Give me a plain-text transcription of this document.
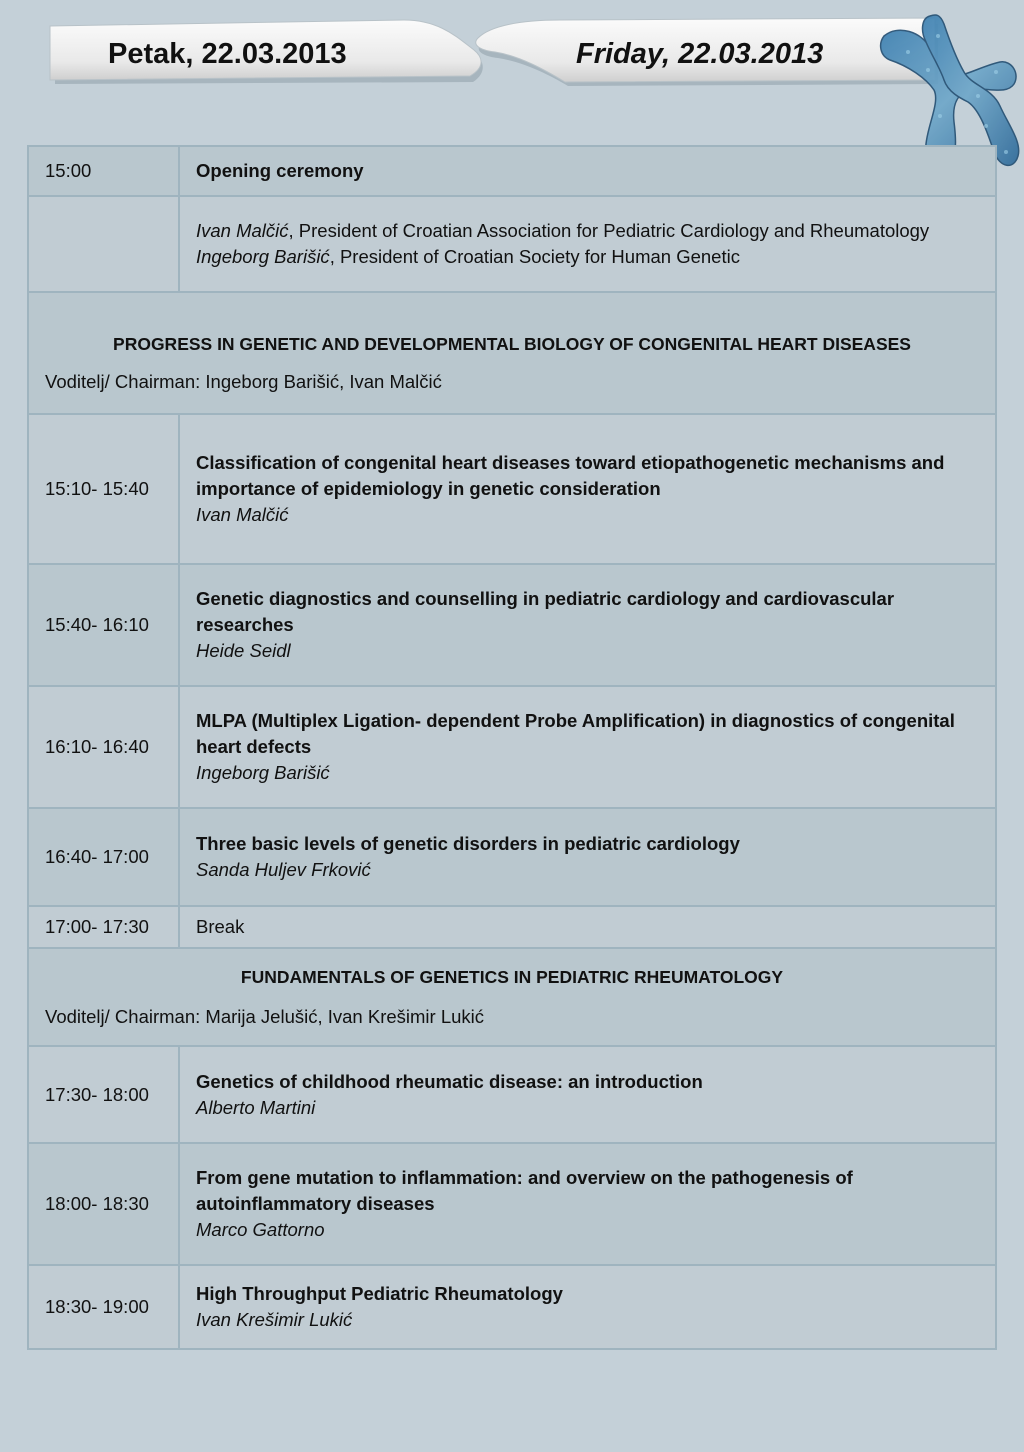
Petak, 22.03.2013	Friday, 22.03.2013
15:00	Opening ceremony

	Ivan Malčić, President of Croatian Association for Pediatric Cardiology and Rheumatology
Ingeborg Barišić, President of Croatian Society for Human Genetic

PROGRESS IN GENETIC AND DEVELOPMENTAL BIOLOGY OF CONGENITAL HEART DISEASES
Voditelj/ Chairman: Ingeborg Barišić, Ivan Malčić	

15:10- 15:40	Classification of congenital heart diseases toward etiopathogenetic mechanisms and importance of epidemiology in genetic consideration
Ivan Malčić

15:40- 16:10	Genetic diagnostics and counselling in pediatric cardiology and cardiovascular researches
Heide Seidl

16:10- 16:40	MLPA (Multiplex Ligation- dependent Probe Amplification) in diagnostics of congenital heart defects
Ingeborg Barišić

16:40- 17:00	Three basic levels of genetic disorders in pediatric cardiology
Sanda Huljev Frković

17:00- 17:30	Break

FUNDAMENTALS OF GENETICS IN PEDIATRIC RHEUMATOLOGY
Voditelj/ Chairman: Marija Jelušić, Ivan Krešimir Lukić	

17:30- 18:00	Genetics of childhood rheumatic disease: an introduction
Alberto Martini

18:00- 18:30	From gene mutation to inflammation: and overview on the pathogenesis of autoinflammatory diseases
Marco Gattorno

18:30- 19:00	High Throughput Pediatric Rheumatology
Ivan Krešimir Lukić
